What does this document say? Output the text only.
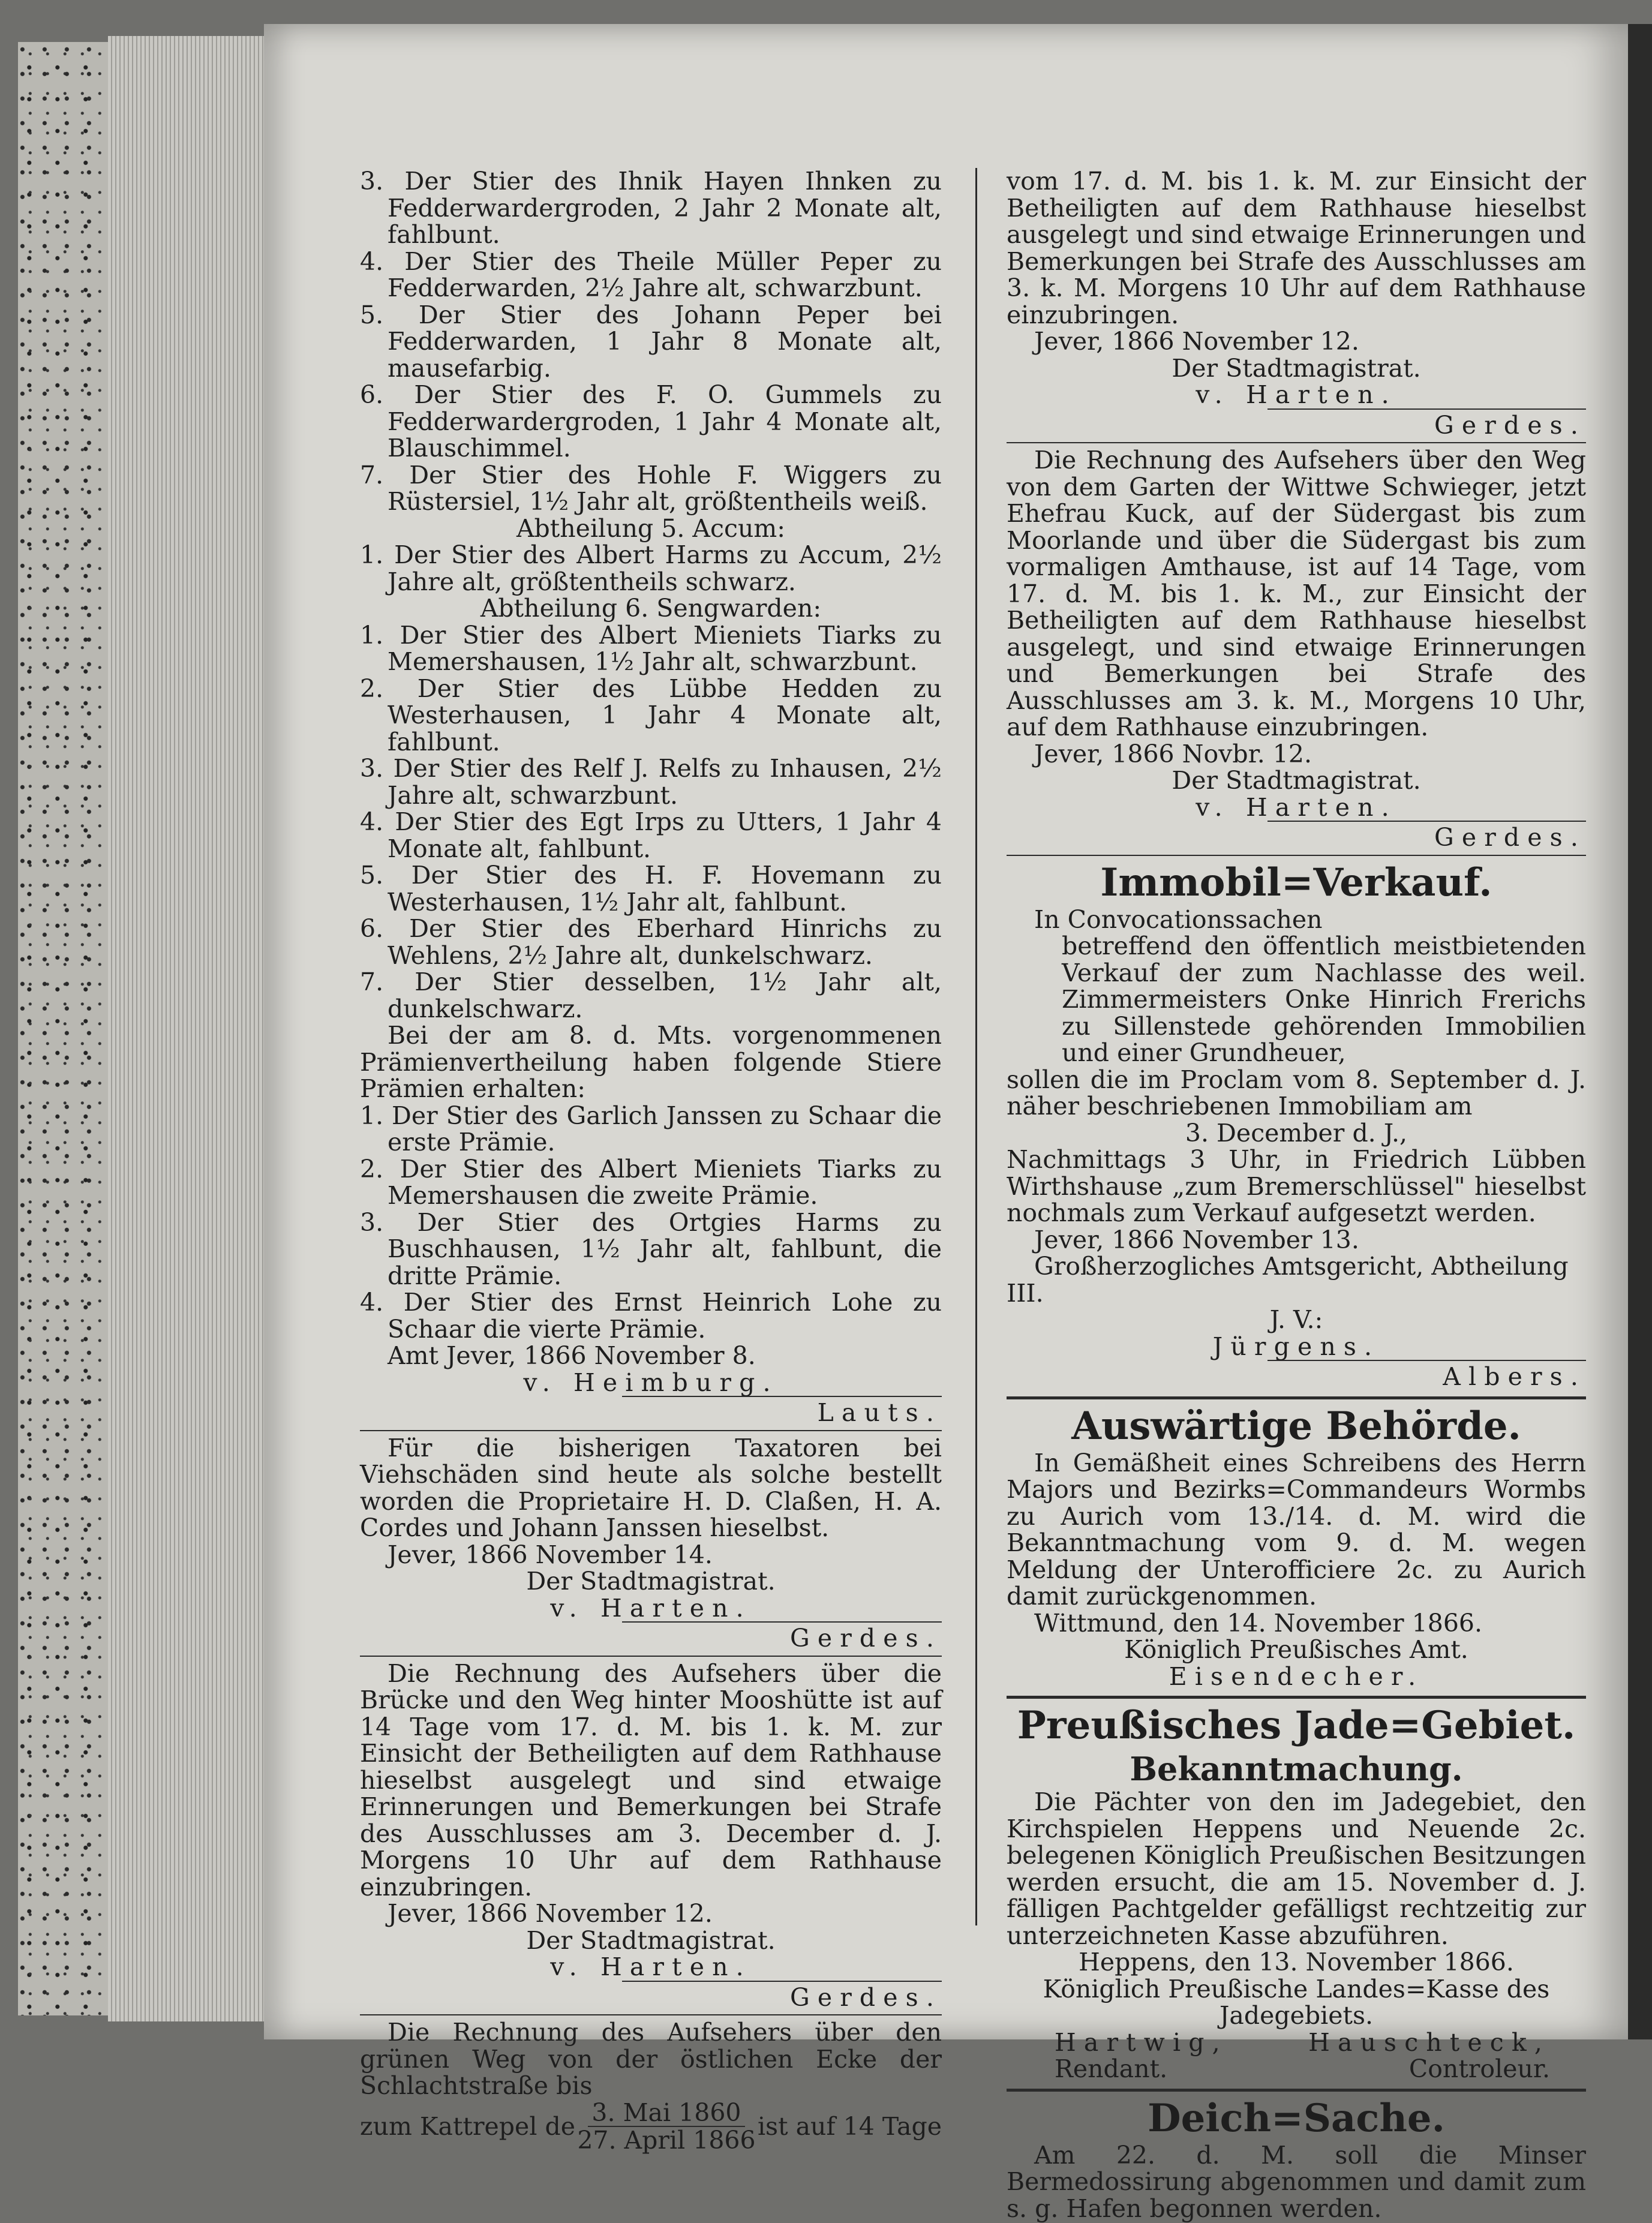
3. Der Stier des Ihnik Hayen Ihnken zu Fedderwardergroden, 2 Jahr 2 Monate alt, fahlbunt.

4. Der Stier des Theile Müller Peper zu Fedderwarden, 2½ Jahre alt, schwarzbunt.

5. Der Stier des Johann Peper bei Fedderwarden, 1 Jahr 8 Monate alt, mausefarbig.

6. Der Stier des F. O. Gummels zu Fedderwardergroden, 1 Jahr 4 Monate alt, Blauschimmel.

7. Der Stier des Hohle F. Wiggers zu Rüstersiel, 1½ Jahr alt, größtentheils weiß.

Abtheilung 5. Accum:

1. Der Stier des Albert Harms zu Accum, 2½ Jahre alt, größtentheils schwarz.

Abtheilung 6. Sengwarden:

1. Der Stier des Albert Mieniets Tiarks zu Memershausen, 1½ Jahr alt, schwarzbunt.

2. Der Stier des Lübbe Hedden zu Westerhausen, 1 Jahr 4 Monate alt, fahlbunt.

3. Der Stier des Relf J. Relfs zu Inhausen, 2½ Jahre alt, schwarzbunt.

4. Der Stier des Egt Irps zu Utters, 1 Jahr 4 Monate alt, fahlbunt.

5. Der Stier des H. F. Hovemann zu Westerhausen, 1½ Jahr alt, fahlbunt.

6. Der Stier des Eberhard Hinrichs zu Wehlens, 2½ Jahre alt, dunkelschwarz.

7. Der Stier desselben, 1½ Jahr alt, dunkelschwarz.

Bei der am 8. d. Mts. vorgenommenen Prämienvertheilung haben folgende Stiere Prämien erhalten:

1. Der Stier des Garlich Janssen zu Schaar die erste Prämie.

2. Der Stier des Albert Mieniets Tiarks zu Memershausen die zweite Prämie.

3. Der Stier des Ortgies Harms zu Buschhausen, 1½ Jahr alt, fahlbunt, die dritte Prämie.

4. Der Stier des Ernst Heinrich Lohe zu Schaar die vierte Prämie.

Amt Jever, 1866 November 8.

v. Heimburg.

Lauts.

Für die bisherigen Taxatoren bei Viehschäden sind heute als solche bestellt worden die Proprietaire H. D. Claßen, H. A. Cordes und Johann Janssen hieselbst.

Jever, 1866 November 14.

Der Stadtmagistrat.

v. Harten.

Gerdes.

Die Rechnung des Aufsehers über die Brücke und den Weg hinter Mooshütte ist auf 14 Tage vom 17. d. M. bis 1. k. M. zur Einsicht der Betheiligten auf dem Rathhause hieselbst ausgelegt und sind etwaige Erinnerungen und Bemerkungen bei Strafe des Ausschlusses am 3. December d. J. Morgens 10 Uhr auf dem Rathhause einzubringen.

Jever, 1866 November 12.

Der Stadtmagistrat.

v. Harten.

Gerdes.

Die Rechnung des Aufsehers über den grünen Weg von der östlichen Ecke der Schlachtstraße bis

zum Kattrepel de $\frac{\text{3. Mai 1860}}{\text{27. April 1866}}$ ist auf 14 Tage

vom 17. d. M. bis 1. k. M. zur Einsicht der Betheiligten auf dem Rathhause hieselbst ausgelegt und sind etwaige Erinnerungen und Bemerkungen bei Strafe des Ausschlusses am 3. k. M. Morgens 10 Uhr auf dem Rathhause einzubringen.

Jever, 1866 November 12.

Der Stadtmagistrat.

v. Harten.

Gerdes.

Die Rechnung des Aufsehers über den Weg von dem Garten der Wittwe Schwieger, jetzt Ehefrau Kuck, auf der Südergast bis zum Moorlande und über die Südergast bis zum vormaligen Amthause, ist auf 14 Tage, vom 17. d. M. bis 1. k. M., zur Einsicht der Betheiligten auf dem Rathhause hieselbst ausgelegt, und sind etwaige Erinnerungen und Bemerkungen bei Strafe des Ausschlusses am 3. k. M., Morgens 10 Uhr, auf dem Rathhause einzubringen.

Jever, 1866 Novbr. 12.

Der Stadtmagistrat.

v. Harten.

Gerdes.

Immobil=Verkauf.

In Convocationssachen

betreffend den öffentlich meistbietenden Verkauf der zum Nachlasse des weil. Zimmermeisters Onke Hinrich Frerichs zu Sillenstede gehörenden Immobilien und einer Grundheuer,

sollen die im Proclam vom 8. September d. J. näher beschriebenen Immobiliam am

3. December d. J.,

Nachmittags 3 Uhr, in Friedrich Lübben Wirthshause „zum Bremerschlüssel" hieselbst nochmals zum Verkauf aufgesetzt werden.

Jever, 1866 November 13.

Großherzogliches Amtsgericht, Abtheilung III.

J. V.:

Jürgens.

Albers.

Auswärtige Behörde.

In Gemäßheit eines Schreibens des Herrn Majors und Bezirks=Commandeurs Wormbs zu Aurich vom 13./14. d. M. wird die Bekanntmachung vom 9. d. M. wegen Meldung der Unterofficiere 2c. zu Aurich damit zurückgenommen.

Wittmund, den 14. November 1866.

Königlich Preußisches Amt.

Eisendecher.

Preußisches Jade=Gebiet.

Bekanntmachung.

Die Pächter von den im Jadegebiet, den Kirchspielen Heppens und Neuende 2c. belegenen Königlich Preußischen Besitzungen werden ersucht, die am 15. November d. J. fälligen Pachtgelder gefälligst rechtzeitig zur unterzeichneten Kasse abzuführen.

Heppens, den 13. November 1866.

Königlich Preußische Landes=Kasse des Jadegebiets.

Hartwig,	Hauschteck,
Rendant.	Controleur.

Deich=Sache.

Am 22. d. M. soll die Minser Bermedossirung abgenommen und damit zum s. g. Hafen begonnen werden.
